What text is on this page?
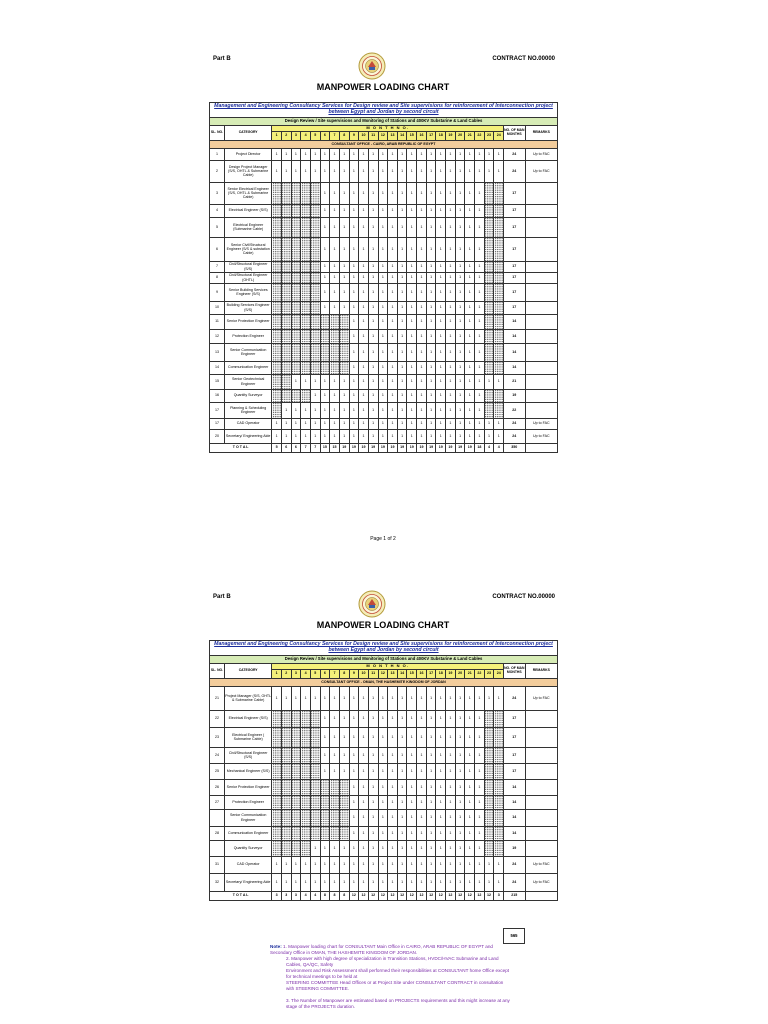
Part B	CONTRACT NO.00000
MANPOWER LOADING CHART
Management and Engineering Consultancy Services for Design review and Site supervisions for reinforcement of Interconnection project between Egypt and Jordan by second circuit																											
Design Review / Site supervisions and Monitoring of Stations and 400KV Substarine & Land Cables																											
SL. NO.	CATEGORY	M O N T H N O.																								NO. OF MAN MONTHS	REMARKS
		1	2	3	4	5	6	7	8	9	10	11	12	13	14	15	16	17	18	19	20	21	22	23	24		
CONSULTANT OFFICE - CAIRO, ARAB REPUBLIC OF EGYPT																											
1	Project Director	1	1	1	1	1	1	1	1	1	1	1	1	1	1	1	1	1	1	1	1	1	1	1	1	24	Up to FAC
2	Design Project Manager (S/S, OHTL & Submarine Cable)	1	1	1	1	1	1	1	1	1	1	1	1	1	1	1	1	1	1	1	1	1	1	1	1	24	Up to FAC
3	Senior Electrical Engineer (S/S, OHTL & Submarine Cable)						1	1	1	1	1	1	1	1	1	1	1	1	1	1	1	1	1			17	
4	Electrical Engineer (S/S)						1	1	1	1	1	1	1	1	1	1	1	1	1	1	1	1	1			17	
5	Electrical Engineer (Submarine Cable)						1	1	1	1	1	1	1	1	1	1	1	1	1	1	1	1	1			17	
6	Senior Civil/Structural Engineer (S/S & substation Cable)						1	1	1	1	1	1	1	1	1	1	1	1	1	1	1	1	1			17	
7	Civil/Structural Engineer (S/S)						1	1	1	1	1	1	1	1	1	1	1	1	1	1	1	1	1			17	
8	Civil/Structural Engineer (OHTL)						1	1	1	1	1	1	1	1	1	1	1	1	1	1	1	1	1			17	
9	Senior Building Services Engineer (S/S)						1	1	1	1	1	1	1	1	1	1	1	1	1	1	1	1	1			17	
10	Building Services Engineer (S/S)						1	1	1	1	1	1	1	1	1	1	1	1	1	1	1	1	1			17	
11	Senior Protection Engineer									1	1	1	1	1	1	1	1	1	1	1	1	1	1			14	
12	Protection Engineer									1	1	1	1	1	1	1	1	1	1	1	1	1	1			14	
13	Senior Communication Engineer									1	1	1	1	1	1	1	1	1	1	1	1	1	1			14	
14	Communication Engineer									1	1	1	1	1	1	1	1	1	1	1	1	1	1			14	
15	Senior Geotechnical Engineer			1	1	1	1	1	1	1	1	1	1	1	1	1	1	1	1	1	1	1	1	1	1	21	
16	Quantity Surveyor					1	1	1	1	1	1	1	1	1	1	1	1	1	1	1	1	1	1			19	
17	Planning & Scheduling Engineer		1	1	1	1	1	1	1	1	1	1	1	1	1	1	1	1	1	1	1	1	1			22	
17	CAD Operator	1	1	1	1	1	1	1	1	1	1	1	1	1	1	1	1	1	1	1	1	1	1	1	1	24	Up to FAC
20	Secretary/ Engineering Aide	1	1	1	1	1	1	1	1	1	1	1	1	1	1	1	1	1	1	1	1	1	1	1	1	24	Up to FAC
T O T A L		5	6	6	7	7	15	15	19	19	19	19	19	19	19	19	19	19	19	19	19	19	18	4	4	350	
Page 1 of 2
Part B	CONTRACT NO.00000
MANPOWER LOADING CHART
Management and Engineering Consultancy Services for Design review and Site supervisions for reinforcement of Interconnection project between Egypt and Jordan by second circuit																											
Design Review / Site supervisions and Monitoring of Stations and 400KV Substarine & Land Cables																											
SL. NO.	CATEGORY	M O N T H N O.																								NO. OF MAN MONTHS	REMARKS
		1	2	3	4	5	6	7	8	9	10	11	12	13	14	15	16	17	18	19	20	21	22	23	24		
CONSULTANT OFFICE - OMAN, THE HASHEMITE KINGDOM OF JORDAN																											
21	Project Manager (S/S, OHTL & Submarine Cable)	1	1	1	1	1	1	1	1	1	1	1	1	1	1	1	1	1	1	1	1	1	1	1	1	24	Up to FAC
22	Electrical Engineer (S/S)						1	1	1	1	1	1	1	1	1	1	1	1	1	1	1	1	1			17	
23	Electrical Engineer ( Submarine Cable)						1	1	1	1	1	1	1	1	1	1	1	1	1	1	1	1	1			17	
24	Civil/Structural Engineer (S/S)						1	1	1	1	1	1	1	1	1	1	1	1	1	1	1	1	1			17	
25	Mechanical Engineer (S/S)						1	1	1	1	1	1	1	1	1	1	1	1	1	1	1	1	1			17	
26	Senior Protection Engineer									1	1	1	1	1	1	1	1	1	1	1	1	1	1			14	
27	Protection Engineer									1	1	1	1	1	1	1	1	1	1	1	1	1	1			14	
	Senior Communication Engineer									1	1	1	1	1	1	1	1	1	1	1	1	1	1			14	
28	Communication Engineer									1	1	1	1	1	1	1	1	1	1	1	1	1	1			14	
	Quantity Surveyor					1	1	1	1	1	1	1	1	1	1	1	1	1	1	1	1	1	1			19	
31	CAD Operator	1	1	1	1	1	1	1	1	1	1	1	1	1	1	1	1	1	1	1	1	1	1	1	1	24	Up to FAC
32	Secretary/ Engineering Aide	1	1	1	1	1	1	1	1	1	1	1	1	1	1	1	1	1	1	1	1	1	1	1	1	24	Up to FAC
T O T A L		3	3	3	4	4	8	8	8	12	12	12	12	12	12	12	12	12	12	12	12	12	12	12	3	215	
565

Note: 1. Manpower loading chart for CONSULTANT Main Office in CAIRO, ARAB REPUBLIC OF EGYPT and Secondary Office in OMAN, THE HASHEMITE KINGDOM OF JORDAN.

2. Manpower with high degree of specialization in Transition Stations, HVDC/HVAC Submarine and Land Cables, QA/QC, Safety

Environment and Risk Assessment shall performed their responsibilities at CONSULTANT home Office except for technical meetings to be held at

STEERING COMMITTEE Head Offices or at Project Site under CONSULTANT CONTRACT in consultation with STEERING COMMITTEE.

3. The Number of Manpower are estimated based on PROJECTS requirements and this might increase at any stage of the PROJECTS duration.
